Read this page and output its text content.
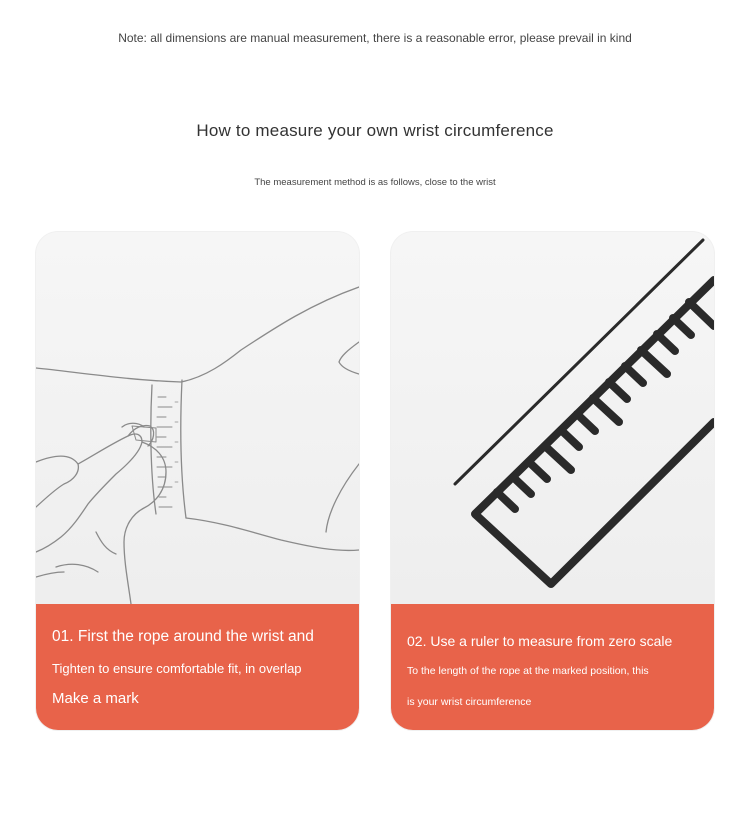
Note: all dimensions are manual measurement, there is a reasonable error, please prevail in kind
How to measure your own wrist circumference
The measurement method is as follows, close to the wrist
01. First the rope around the wrist and
Tighten to ensure comfortable fit, in overlap
Make a mark
02. Use a ruler to measure from zero scale
To the length of the rope at the marked position, this
is your wrist circumference
